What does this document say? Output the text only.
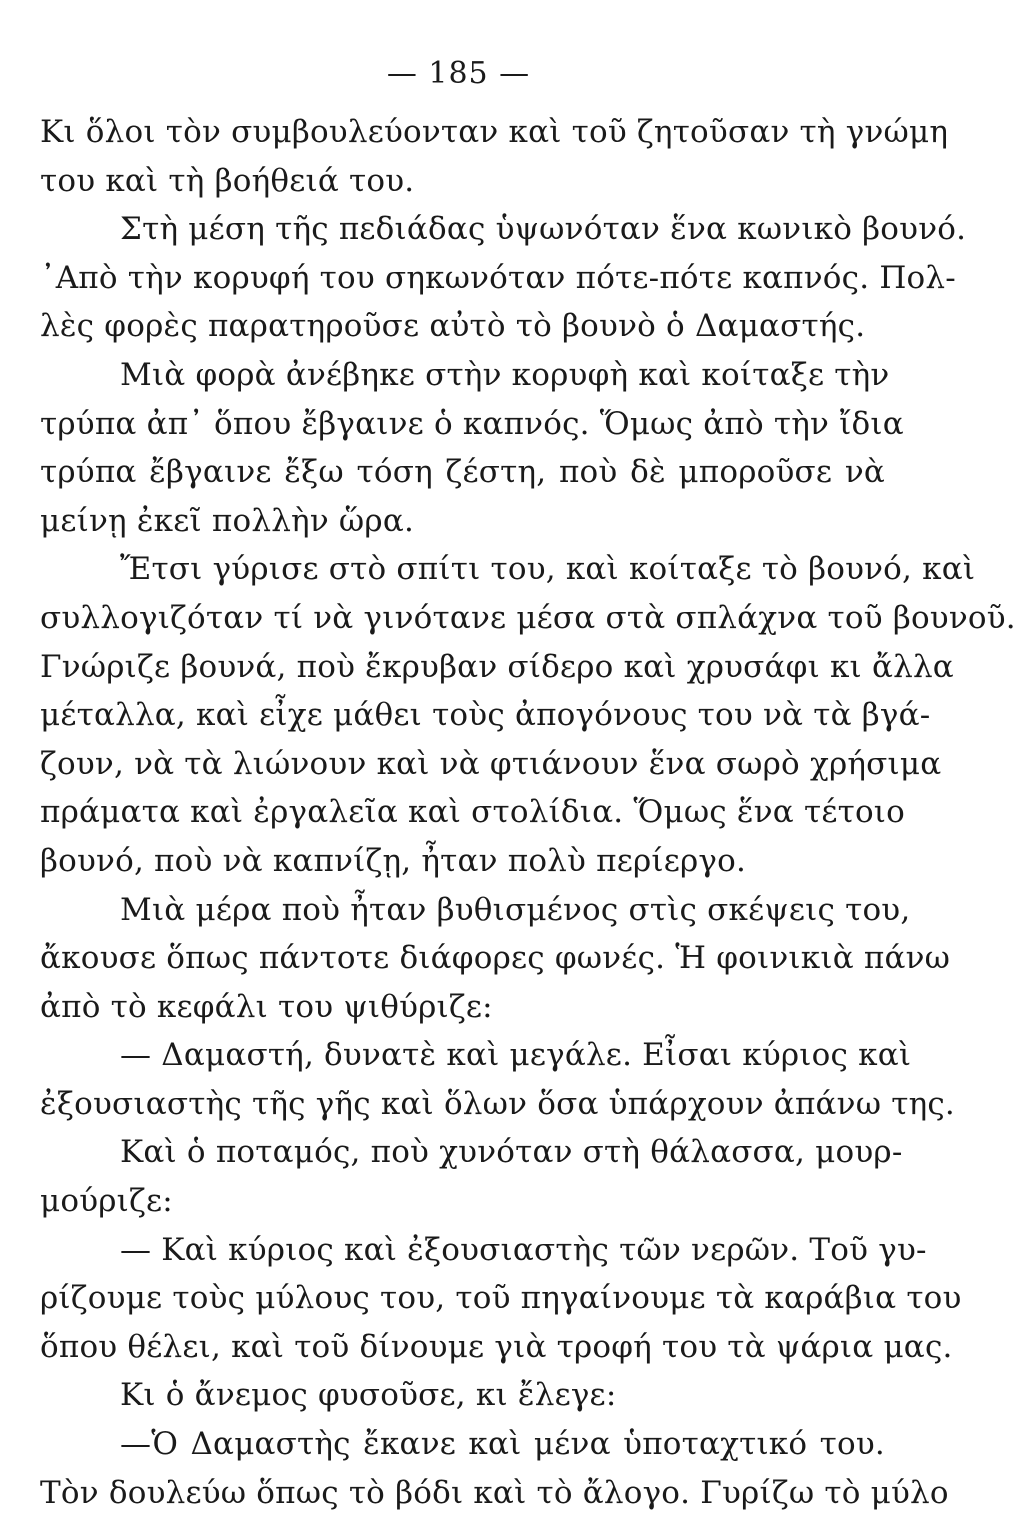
— 185 —
Κι ὅλοι τὸν συμβουλεύονταν καὶ τοῦ ζητοῦσαν τὴ γνώμη
του καὶ τὴ βοήθειά του.
Στὴ μέση τῆς πεδιάδας ὑψωνόταν ἕνα κωνικὸ βουνό.
᾿Απὸ τὴν κορυφή του σηκωνόταν πότε-πότε καπνός. Πολ-
λὲς φορὲς παρατηροῦσε αὐτὸ τὸ βουνὸ ὁ Δαμαστής.
Μιὰ φορὰ ἀνέβηκε στὴν κορυφὴ καὶ κοίταξε τὴν
τρύπα ἀπ᾿ ὅπου ἔβγαινε ὁ καπνός. Ὅμως ἀπὸ τὴν ἴδια
τρύπα ἔβγαινε ἔξω τόση ζέστη, ποὺ δὲ μποροῦσε νὰ
μείνῃ ἐκεῖ πολλὴν ὥρα.
Ἔτσι γύρισε στὸ σπίτι του, καὶ κοίταξε τὸ βουνό, καὶ
συλλογιζόταν τί νὰ γινότανε μέσα στὰ σπλάχνα τοῦ βουνοῦ.
Γνώριζε βουνά, ποὺ ἔκρυβαν σίδερο καὶ χρυσάφι κι ἄλλα
μέταλλα, καὶ εἶχε μάθει τοὺς ἀπογόνους του νὰ τὰ βγά-
ζουν, νὰ τὰ λιώνουν καὶ νὰ φτιάνουν ἕνα σωρὸ χρήσιμα
πράματα καὶ ἐργαλεῖα καὶ στολίδια. Ὅμως ἕνα τέτοιο
βουνό, ποὺ νὰ καπνίζῃ, ἦταν πολὺ περίεργο.
Μιὰ μέρα ποὺ ἦταν βυθισμένος στὶς σκέψεις του,
ἄκουσε ὅπως πάντοτε διάφορες φωνές. Ἡ φοινικιὰ πάνω
ἀπὸ τὸ κεφάλι του ψιθύριζε:
— Δαμαστή, δυνατὲ καὶ μεγάλε. Εἶσαι κύριος καὶ
ἐξουσιαστὴς τῆς γῆς καὶ ὅλων ὅσα ὑπάρχουν ἀπάνω της.
Καὶ ὁ ποταμός, ποὺ χυνόταν στὴ θάλασσα, μουρ-
μούριζε:
— Καὶ κύριος καὶ ἐξουσιαστὴς τῶν νερῶν. Τοῦ γυ-
ρίζουμε τοὺς μύλους του, τοῦ πηγαίνουμε τὰ καράβια του
ὅπου θέλει, καὶ τοῦ δίνουμε γιὰ τροφή του τὰ ψάρια μας.
Κι ὁ ἄνεμος φυσοῦσε, κι ἔλεγε:
—Ὁ Δαμαστὴς ἔκανε καὶ μένα ὑποταχτικό του.
Τὸν δουλεύω ὅπως τὸ βόδι καὶ τὸ ἄλογο. Γυρίζω τὸ μύλο
